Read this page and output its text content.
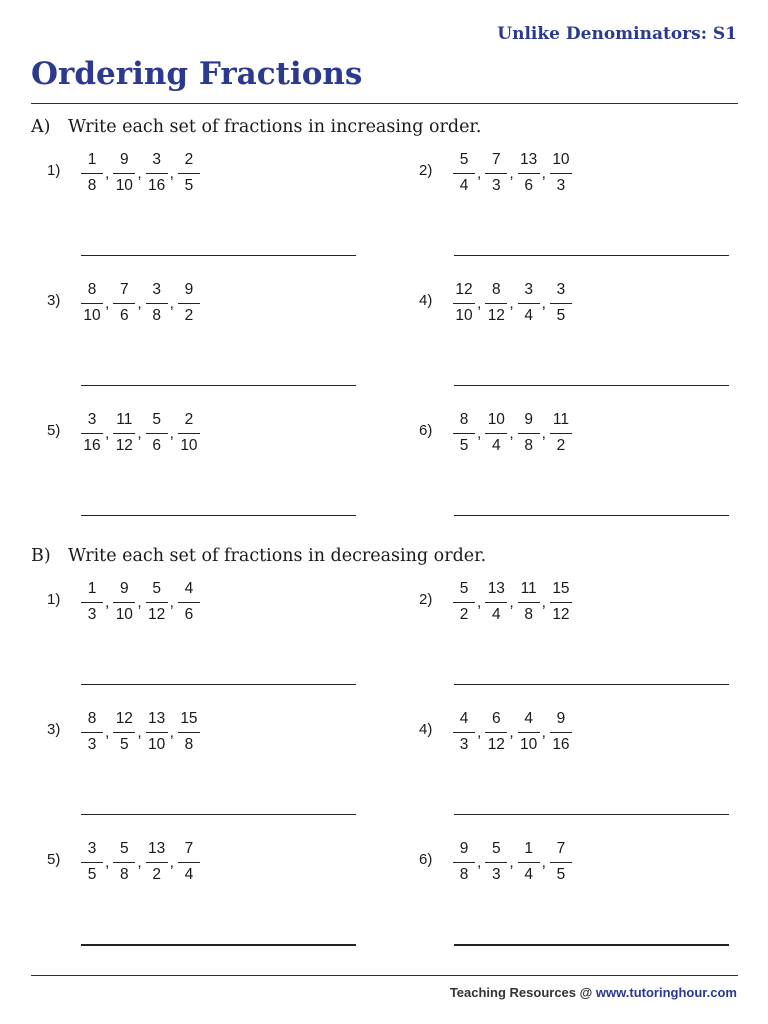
Unlike Denominators: S1
Ordering Fractions
A) Write each set of fractions in increasing order.
B) Write each set of fractions in decreasing order.
$1) \frac{1}{8}$ , $\frac{9}{10}$ , $\frac{3}{16}$ , $\frac{2}{5}$	$2) \frac{5}{4}$ , $\frac{7}{3}$ , $\frac{13}{6}$ , $\frac{10}{3}$
$3) \frac{8}{10}$ , $\frac{7}{6}$ , $\frac{3}{8}$ , $\frac{9}{2}$	$4) \frac{12}{10}$ , $\frac{8}{12}$ , $\frac{3}{4}$ , $\frac{3}{5}$
$5) \frac{3}{16}$ , $\frac{11}{12}$ , $\frac{5}{6}$ , $\frac{2}{10}$	$6) \frac{8}{5}$ , $\frac{10}{4}$ , $\frac{9}{8}$ , $\frac{11}{2}$
$1) \frac{1}{3}$ , $\frac{9}{10}$ , $\frac{5}{12}$ , $\frac{4}{6}$	$2) \frac{5}{2}$ , $\frac{13}{4}$ , $\frac{11}{8}$ , $\frac{15}{12}$
$3) \frac{8}{3}$ , $\frac{12}{5}$ , $\frac{13}{10}$ , $\frac{15}{8}$	$4) \frac{4}{3}$ , $\frac{6}{12}$ , $\frac{4}{10}$ , $\frac{9}{16}$
$5) \frac{3}{5}$ , $\frac{5}{8}$ , $\frac{13}{2}$ , $\frac{7}{4}$	$6) \frac{9}{8}$ , $\frac{5}{3}$ , $\frac{1}{4}$ , $\frac{7}{5}$
Teaching Resources @ www.tutoringhour.com
